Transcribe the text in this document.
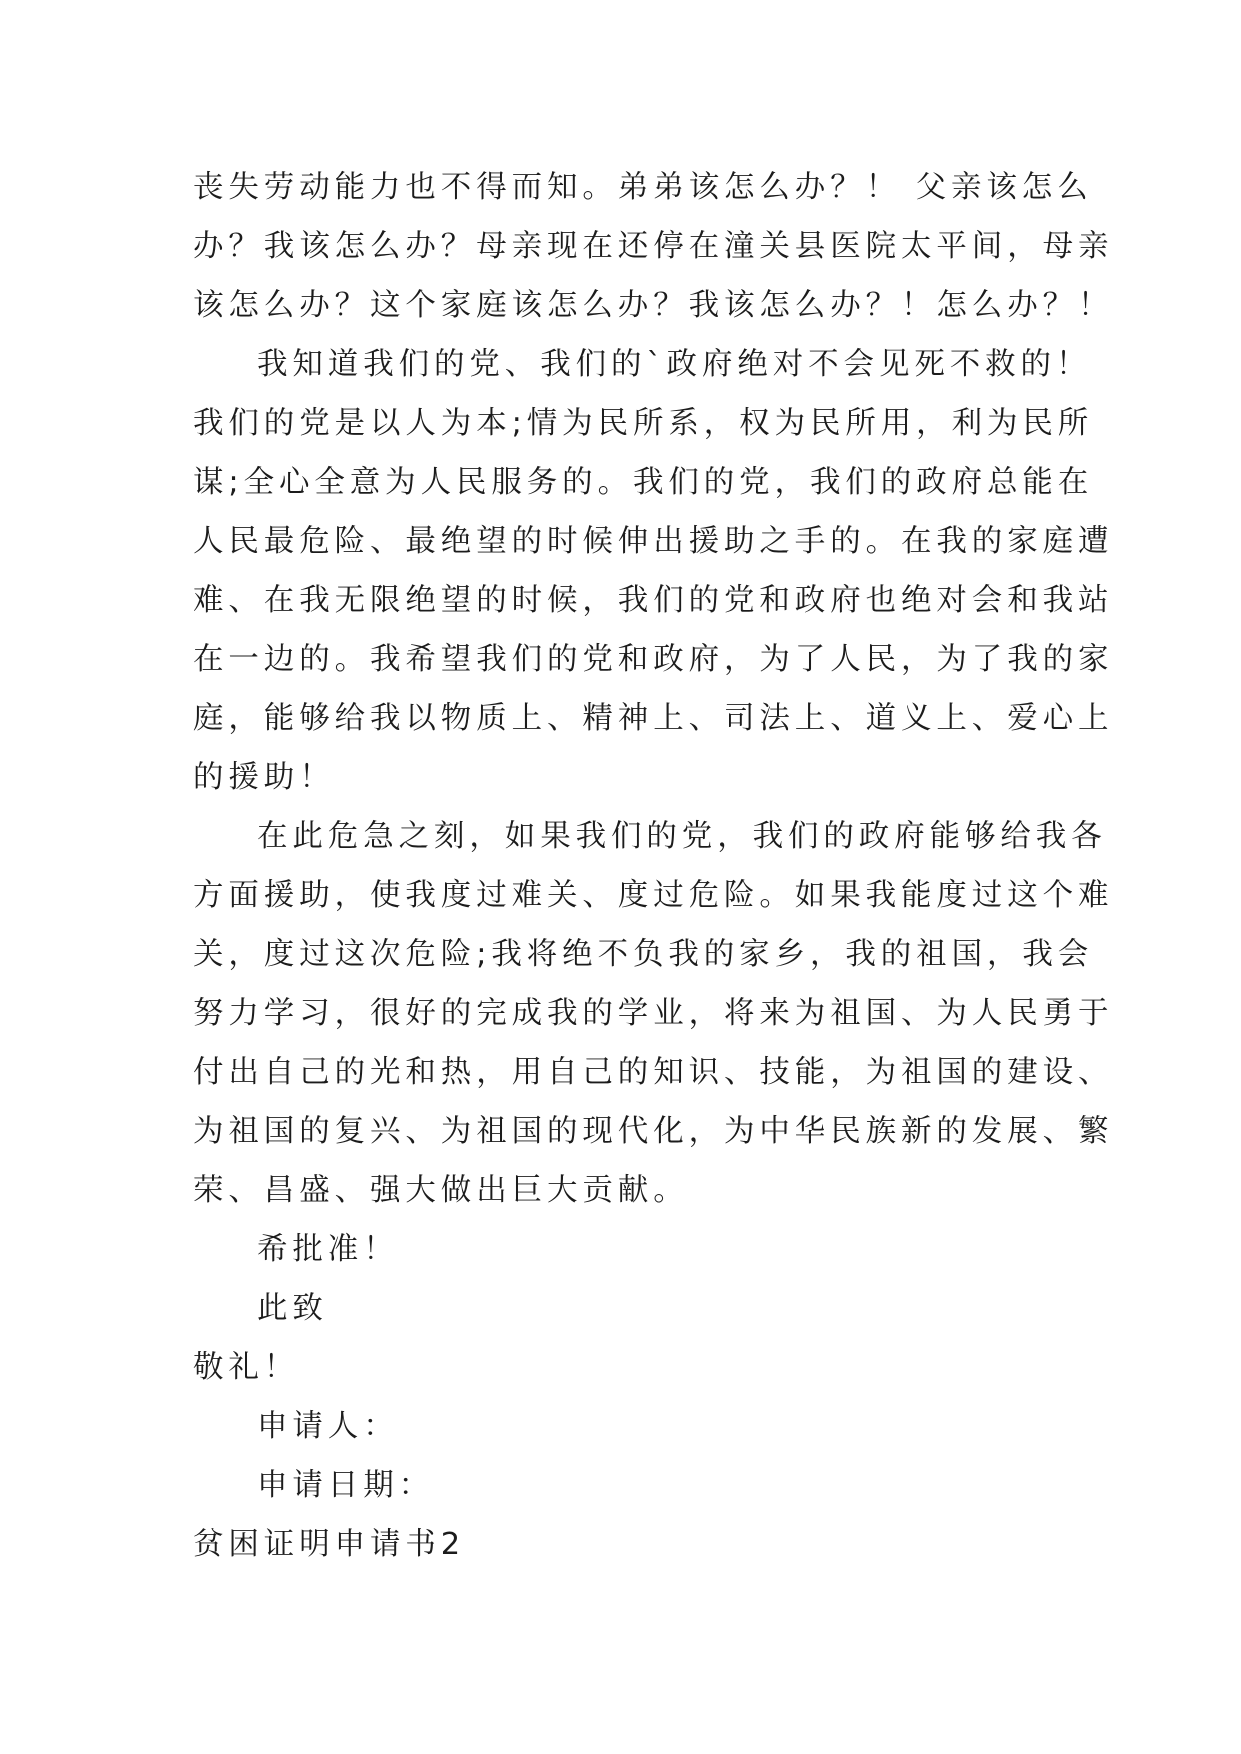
丧失劳动能力也不得而知。弟弟该怎么办？！ 父亲该怎么
办？我该怎么办？母亲现在还停在潼关县医院太平间，母亲
该怎么办？这个家庭该怎么办？我该怎么办？！怎么办？！
我知道我们的党、我们的`政府绝对不会见死不救的！
我们的党是以人为本;情为民所系，权为民所用，利为民所
谋;全心全意为人民服务的。我们的党，我们的政府总能在
人民最危险、最绝望的时候伸出援助之手的。在我的家庭遭
难、在我无限绝望的时候，我们的党和政府也绝对会和我站
在一边的。我希望我们的党和政府，为了人民，为了我的家
庭，能够给我以物质上、精神上、司法上、道义上、爱心上
的援助！
在此危急之刻，如果我们的党，我们的政府能够给我各
方面援助，使我度过难关、度过危险。如果我能度过这个难
关，度过这次危险;我将绝不负我的家乡，我的祖国，我会
努力学习，很好的完成我的学业，将来为祖国、为人民勇于
付出自己的光和热，用自己的知识、技能，为祖国的建设、
为祖国的复兴、为祖国的现代化，为中华民族新的发展、繁
荣、昌盛、强大做出巨大贡献。
希批准！
此致
敬礼！
申请人：
申请日期：
贫困证明申请书2
